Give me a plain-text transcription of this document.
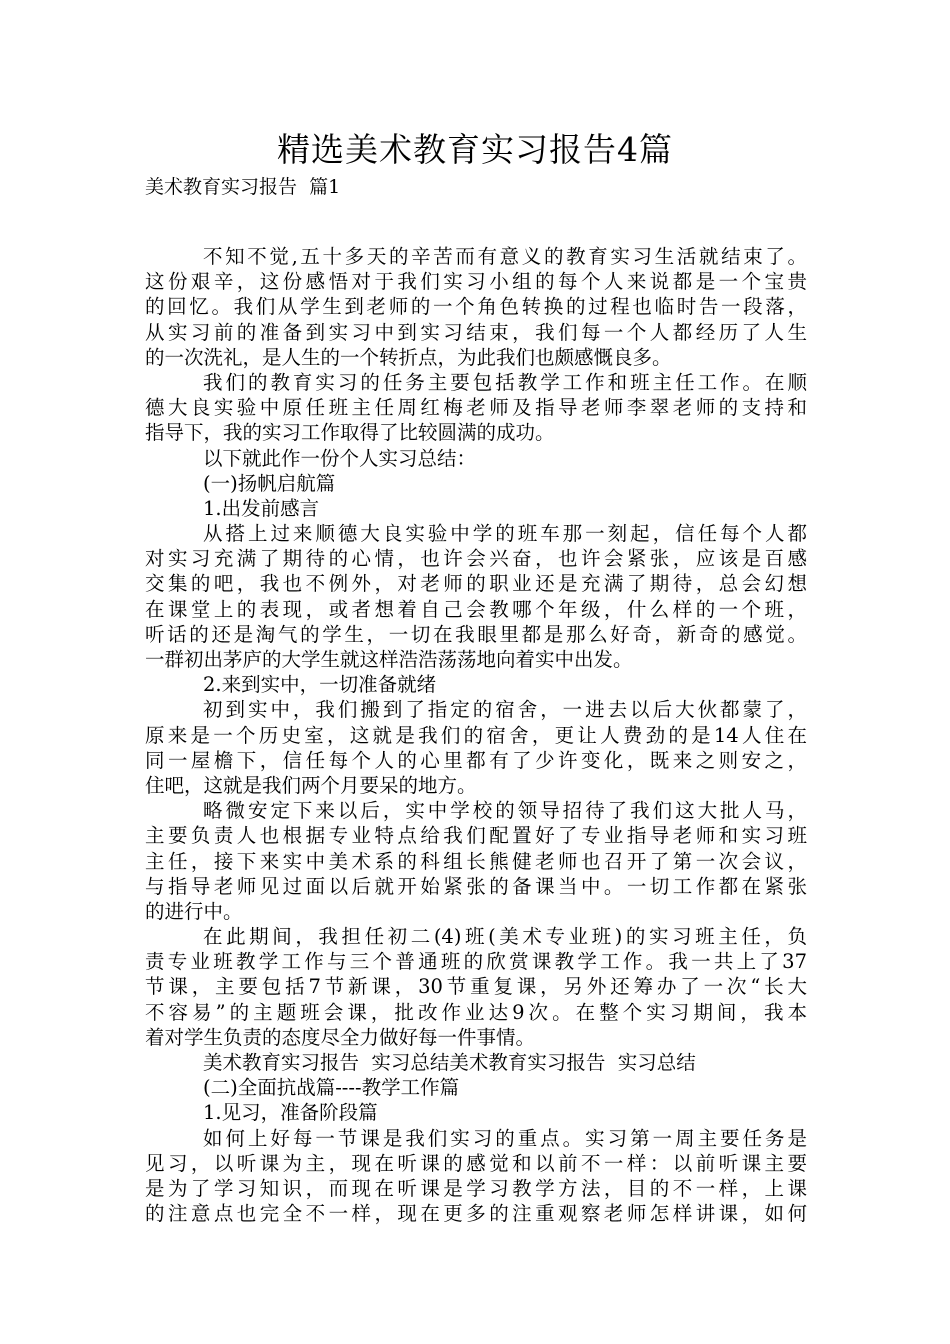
精选美术教育实习报告4篇
美术教育实习报告  篇1
不知不觉,五十多天的辛苦而有意义的教育实习生活就结束了。
这份艰辛，这份感悟对于我们实习小组的每个人来说都是一个宝贵
的回忆。我们从学生到老师的一个角色转换的过程也临时告一段落，
从实习前的准备到实习中到实习结束，我们每一个人都经历了人生
的一次洗礼，是人生的一个转折点，为此我们也颇感慨良多。
我们的教育实习的任务主要包括教学工作和班主任工作。在顺
德大良实验中原任班主任周红梅老师及指导老师李翠老师的支持和
指导下，我的实习工作取得了比较圆满的成功。
以下就此作一份个人实习总结：
(一)扬帆启航篇
1.出发前感言
从搭上过来顺德大良实验中学的班车那一刻起，信任每个人都
对实习充满了期待的心情，也许会兴奋，也许会紧张，应该是百感
交集的吧，我也不例外，对老师的职业还是充满了期待，总会幻想
在课堂上的表现，或者想着自己会教哪个年级，什么样的一个班，
听话的还是淘气的学生，一切在我眼里都是那么好奇，新奇的感觉。
一群初出茅庐的大学生就这样浩浩荡荡地向着实中出发。
2.来到实中，一切准备就绪
初到实中，我们搬到了指定的宿舍，一进去以后大伙都蒙了，
原来是一个历史室，这就是我们的宿舍，更让人费劲的是14人住在
同一屋檐下，信任每个人的心里都有了少许变化，既来之则安之，
住吧，这就是我们两个月要呆的地方。
略微安定下来以后，实中学校的领导招待了我们这大批人马，
主要负责人也根据专业特点给我们配置好了专业指导老师和实习班
主任，接下来实中美术系的科组长熊健老师也召开了第一次会议，
与指导老师见过面以后就开始紧张的备课当中。一切工作都在紧张
的进行中。
在此期间，我担任初二(4)班(美术专业班)的实习班主任，负
责专业班教学工作与三个普通班的欣赏课教学工作。我一共上了37
节课，主要包括7节新课，30节重复课，另外还筹办了一次“长大
不容易”的主题班会课，批改作业达9次。在整个实习期间，我本
着对学生负责的态度尽全力做好每一件事情。
美术教育实习报告  实习总结美术教育实习报告  实习总结
(二)全面抗战篇----教学工作篇
1.见习，准备阶段篇
如何上好每一节课是我们实习的重点。实习第一周主要任务是
见习，以听课为主，现在听课的感觉和以前不一样：以前听课主要
是为了学习知识，而现在听课是学习教学方法，目的不一样，上课
的注意点也完全不一样，现在更多的注重观察老师怎样讲课，如何
